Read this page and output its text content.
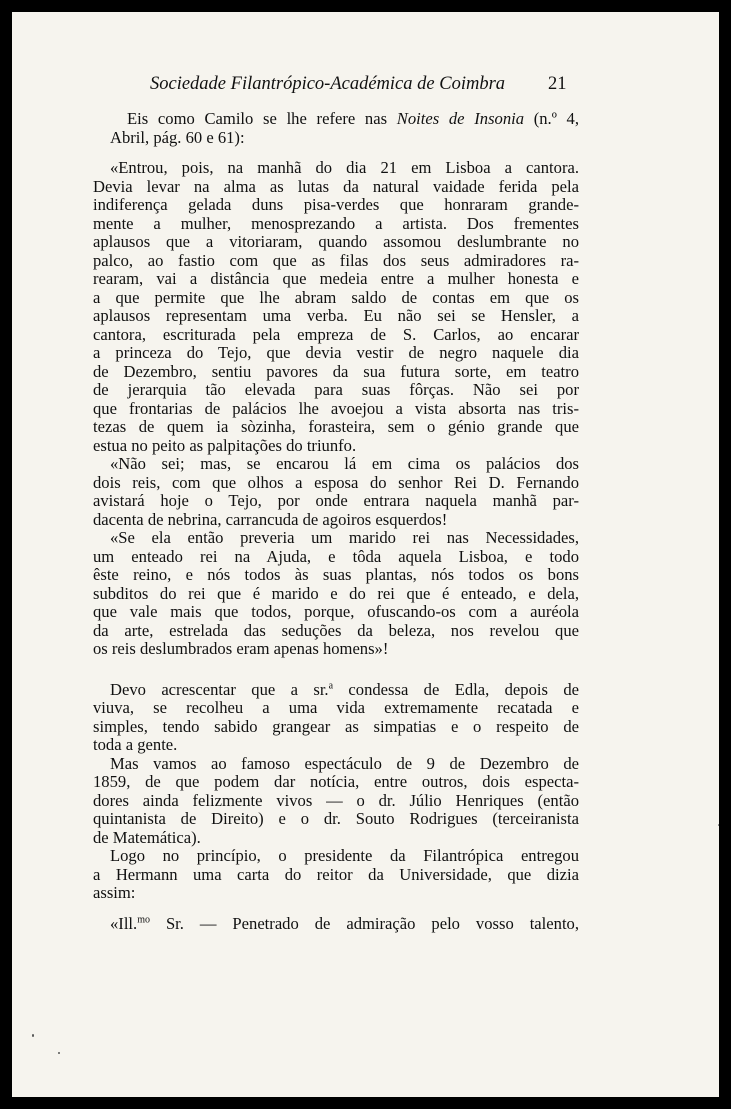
Sociedade Filantrópico-Académica de Coimbra	21

Eis como Camilo se lhe refere nas Noites de Insonia (n.º 4,
Abril, pág. 60 e 61):

«Entrou, pois, na manhã do dia 21 em Lisboa a cantora.
Devia levar na alma as lutas da natural vaidade ferida pela
indiferença gelada duns pisa-verdes que honraram grande-
mente a mulher, menosprezando a artista. Dos frementes
aplausos que a vitoriaram, quando assomou deslumbrante no
palco, ao fastio com que as filas dos seus admiradores ra-
rearam, vai a distância que medeia entre a mulher honesta e
a que permite que lhe abram saldo de contas em que os
aplausos representam uma verba. Eu não sei se Hensler, a
cantora, escriturada pela empreza de S. Carlos, ao encarar
a princeza do Tejo, que devia vestir de negro naquele dia
de Dezembro, sentiu pavores da sua futura sorte, em teatro
de jerarquia tão elevada para suas fôrças. Não sei por
que frontarias de palácios lhe avoejou a vista absorta nas tris-
tezas de quem ia sòzinha, forasteira, sem o génio grande que
estua no peito as palpitações do triunfo.
«Não sei; mas, se encarou lá em cima os palácios dos
dois reis, com que olhos a esposa do senhor Rei D. Fernando
avistará hoje o Tejo, por onde entrara naquela manhã par-
dacenta de nebrina, carrancuda de agoiros esquerdos!
«Se ela então preveria um marido rei nas Necessidades,
um enteado rei na Ajuda, e tôda aquela Lisboa, e todo
êste reino, e nós todos às suas plantas, nós todos os bons
subditos do rei que é marido e do rei que é enteado, e dela,
que vale mais que todos, porque, ofuscando-os com a auréola
da arte, estrelada das seduções da beleza, nos revelou que
os reis deslumbrados eram apenas homens»!
Devo acrescentar que a sr.$^a$ condessa de Edla, depois de
viuva, se recolheu a uma vida extremamente recatada e
simples, tendo sabido grangear as simpatias e o respeito de
toda a gente.
Mas vamos ao famoso espectáculo de 9 de Dezembro de
1859, de que podem dar notícia, entre outros, dois especta-
dores ainda felizmente vivos — o dr. Júlio Henriques (então
quintanista de Direito) e o dr. Souto Rodrigues (terceiranista
de Matemática).
Logo no princípio, o presidente da Filantrópica entregou
a Hermann uma carta do reitor da Universidade, que dizia
assim:
«Ill.$^{mo}$ Sr. — Penetrado de admiração pelo vosso talento,
